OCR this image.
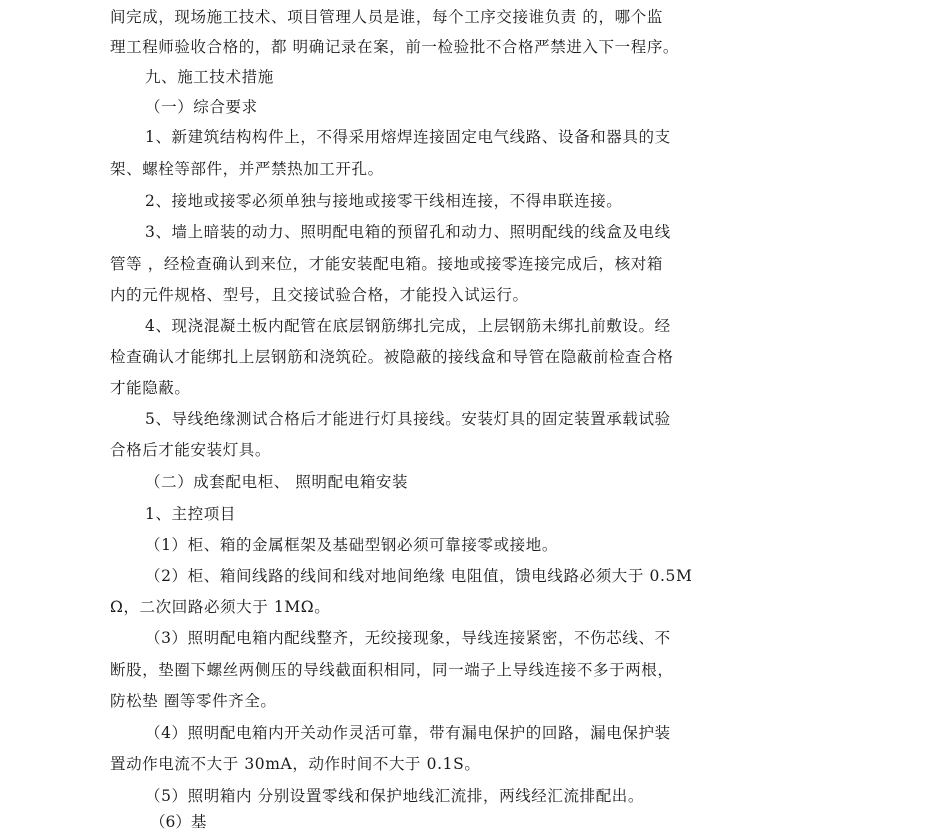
间完成，现场施工技术、项目管理人员是谁，每个工序交接谁负责 的，哪个监
理工程师验收合格的，都 明确记录在案，前一检验批不合格严禁进入下一程序。
九、施工技术措施
（一）综合要求
1、新建筑结构构件上，不得采用熔焊连接固定电气线路、设备和器具的支
架、螺栓等部件，并严禁热加工开孔。
2、接地或接零必须单独与接地或接零干线相连接，不得串联连接。
3、墙上暗装的动力、照明配电箱的预留孔和动力、照明配线的线盒及电线
管等 ，经检查确认到来位，才能安装配电箱。接地或接零连接完成后，核对箱
内的元件规格、型号，且交接试验合格，才能投入试运行。
4、现浇混凝土板内配管在底层钢筋绑扎完成，上层钢筋未绑扎前敷设。经
检查确认才能绑扎上层钢筋和浇筑砼。被隐蔽的接线盒和导管在隐蔽前检查合格
才能隐蔽。
5、导线绝缘测试合格后才能进行灯具接线。安装灯具的固定装置承载试验
合格后才能安装灯具。
（二）成套配电柜、 照明配电箱安装
1、主控项目
（1）柜、箱的金属框架及基础型钢必须可靠接零或接地。
（2）柜、箱间线路的线间和线对地间绝缘 电阻值，馈电线路必须大于 0.5M
Ω，二次回路必须大于 1MΩ。
（3）照明配电箱内配线整齐，无绞接现象，导线连接紧密，不伤芯线、不
断股，垫圈下螺丝两侧压的导线截面积相同，同一端子上导线连接不多于两根，
防松垫 圈等零件齐全。
（4）照明配电箱内开关动作灵活可靠，带有漏电保护的回路，漏电保护装
置动作电流不大于 30mA，动作时间不大于 0.1S。
（5）照明箱内 分别设置零线和保护地线汇流排，两线经汇流排配出。
（6）基
